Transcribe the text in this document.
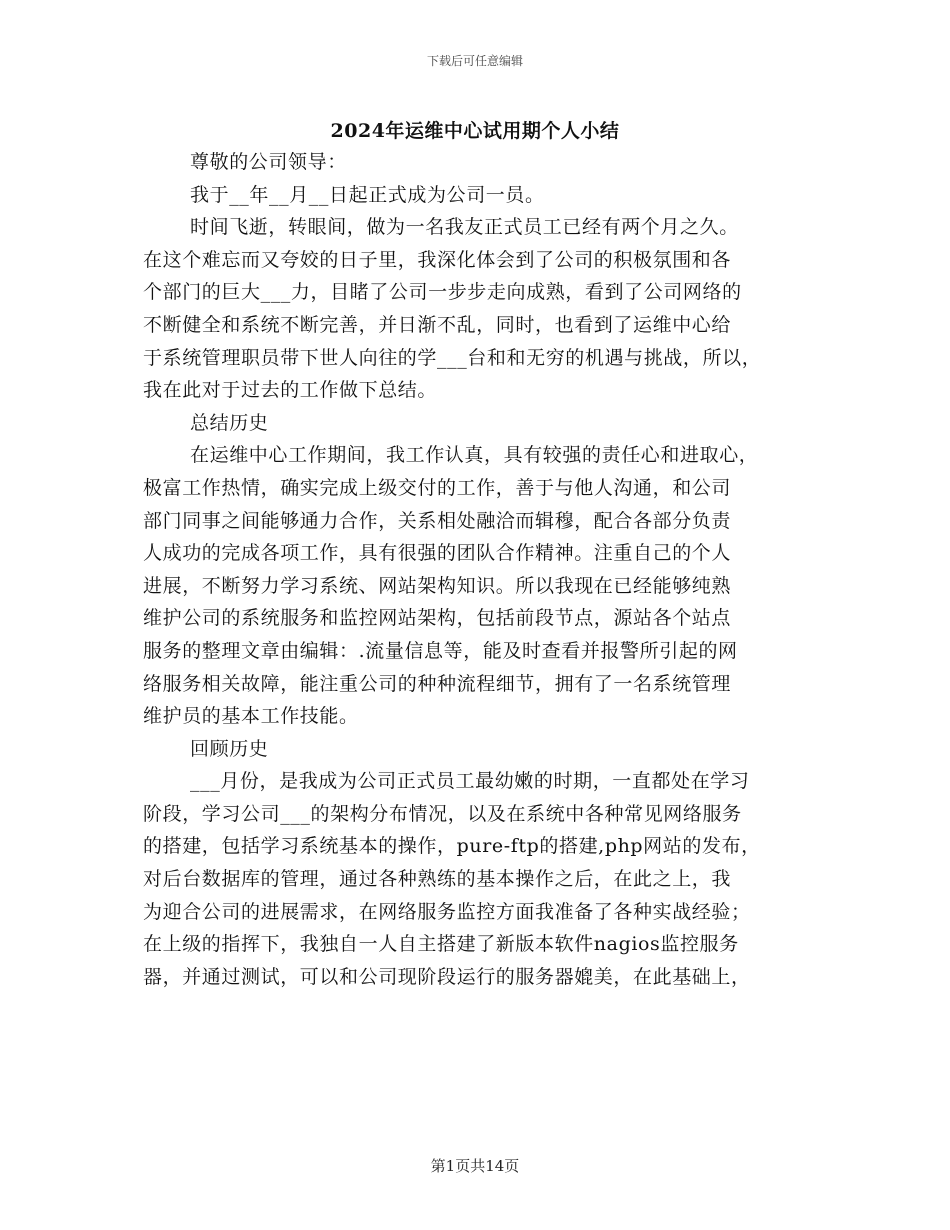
下载后可任意编辑
2024年运维中心试用期个人小结
尊敬的公司领导：
我于__年__月__日起正式成为公司一员。
时间飞逝，转眼间，做为一名我友正式员工已经有两个月之久。
在这个难忘而又夸姣的日子里，我深化体会到了公司的积极氛围和各
个部门的巨大___力，目睹了公司一步步走向成熟，看到了公司网络的
不断健全和系统不断完善，并日渐不乱，同时，也看到了运维中心给
于系统管理职员带下世人向往的学___台和和无穷的机遇与挑战，所以，
我在此对于过去的工作做下总结。
总结历史
在运维中心工作期间，我工作认真，具有较强的责任心和进取心，
极富工作热情，确实完成上级交付的工作，善于与他人沟通，和公司
部门同事之间能够通力合作，关系相处融洽而辑穆，配合各部分负责
人成功的完成各项工作，具有很强的团队合作精神。注重自己的个人
进展，不断努力学习系统、网站架构知识。所以我现在已经能够纯熟
维护公司的系统服务和监控网站架构，包括前段节点，源站各个站点
服务的整理文章由编辑：.流量信息等，能及时查看并报警所引起的网
络服务相关故障，能注重公司的种种流程细节，拥有了一名系统管理
维护员的基本工作技能。
回顾历史
___月份，是我成为公司正式员工最幼嫩的时期，一直都处在学习
阶段，学习公司___的架构分布情况，以及在系统中各种常见网络服务
的搭建，包括学习系统基本的操作，pure-ftp的搭建,php网站的发布，
对后台数据库的管理，通过各种熟练的基本操作之后，在此之上，我
为迎合公司的进展需求，在网络服务监控方面我准备了各种实战经验；
在上级的指挥下，我独自一人自主搭建了新版本软件nagios监控服务
器，并通过测试，可以和公司现阶段运行的服务器媲美，在此基础上，
第1页共14页
